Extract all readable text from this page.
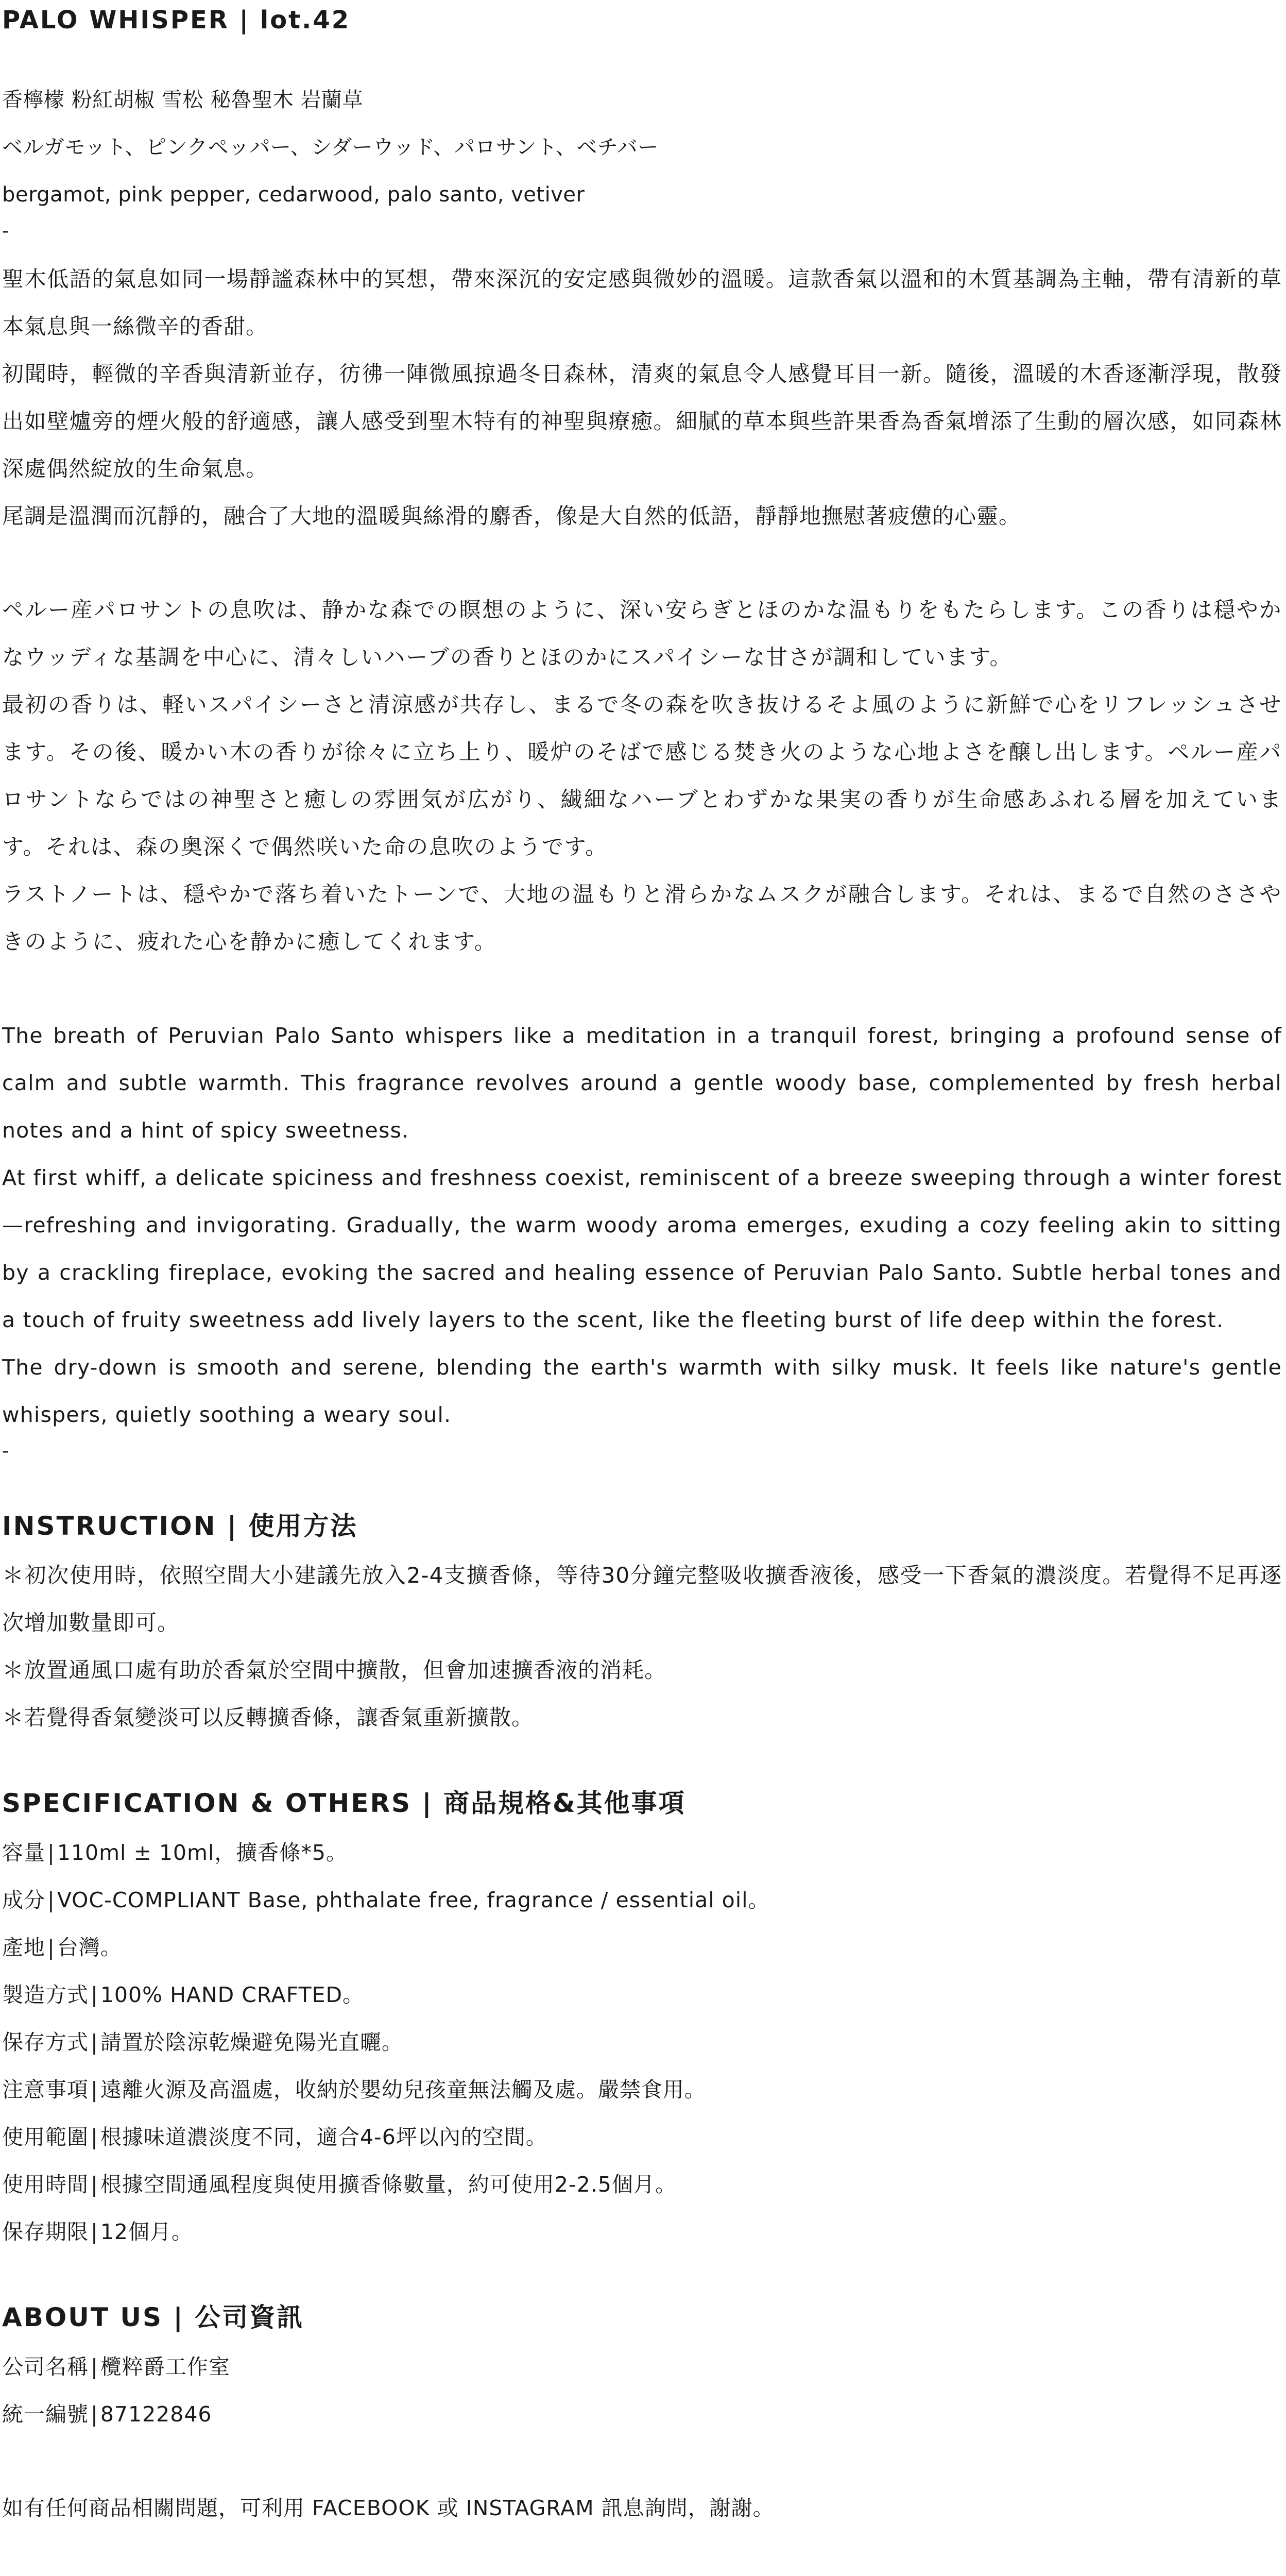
PALO WHISPER | lot.42

香檸檬 粉紅胡椒 雪松 秘魯聖木 岩蘭草

ベルガモット、ピンクペッパー、シダーウッド、パロサント、ベチバー

bergamot, pink pepper, cedarwood, palo santo, vetiver

-

聖木低語的氣息如同一場靜謐森林中的冥想，帶來深沉的安定感與微妙的溫暖。這款香氣以溫和的木質基調為主軸，帶有清新的草本氣息與一絲微辛的香甜。

初聞時，輕微的辛香與清新並存，彷彿一陣微風掠過冬日森林，清爽的氣息令人感覺耳目一新。隨後，溫暖的木香逐漸浮現，散發出如壁爐旁的煙火般的舒適感，讓人感受到聖木特有的神聖與療癒。細膩的草本與些許果香為香氣增添了生動的層次感，如同森林深處偶然綻放的生命氣息。

尾調是溫潤而沉靜的，融合了大地的溫暖與絲滑的麝香，像是大自然的低語，靜靜地撫慰著疲憊的心靈。

ペルー産パロサントの息吹は、静かな森での瞑想のように、深い安らぎとほのかな温もりをもたらします。この香りは穏やかなウッディな基調を中心に、清々しいハーブの香りとほのかにスパイシーな甘さが調和しています。

最初の香りは、軽いスパイシーさと清涼感が共存し、まるで冬の森を吹き抜けるそよ風のように新鮮で心をリフレッシュさせます。その後、暖かい木の香りが徐々に立ち上り、暖炉のそばで感じる焚き火のような心地よさを醸し出します。ペルー産パロサントならではの神聖さと癒しの雰囲気が広がり、繊細なハーブとわずかな果実の香りが生命感あふれる層を加えています。それは、森の奥深くで偶然咲いた命の息吹のようです。

ラストノートは、穏やかで落ち着いたトーンで、大地の温もりと滑らかなムスクが融合します。それは、まるで自然のささやきのように、疲れた心を静かに癒してくれます。

The breath of Peruvian Palo Santo whispers like a meditation in a tranquil forest, bringing a profound sense of calm and subtle warmth. This fragrance revolves around a gentle woody base, complemented by fresh herbal notes and a hint of spicy sweetness.

At first whiff, a delicate spiciness and freshness coexist, reminiscent of a breeze sweeping through a winter forest—refreshing and invigorating. Gradually, the warm woody aroma emerges, exuding a cozy feeling akin to sitting by a crackling fireplace, evoking the sacred and healing essence of Peruvian Palo Santo. Subtle herbal tones and a touch of fruity sweetness add lively layers to the scent, like the fleeting burst of life deep within the forest.

The dry-down is smooth and serene, blending the earth's warmth with silky musk. It feels like nature's gentle whispers, quietly soothing a weary soul.

-

INSTRUCTION | 使用方法

＊初次使用時，依照空間大小建議先放入2-4支擴香條，等待30分鐘完整吸收擴香液後，感受一下香氣的濃淡度。若覺得不足再逐次增加數量即可。

＊放置通風口處有助於香氣於空間中擴散，但會加速擴香液的消耗。

＊若覺得香氣變淡可以反轉擴香條，讓香氣重新擴散。

SPECIFICATION & OTHERS | 商品規格&其他事項

容量|110ml ± 10ml，擴香條*5。

成分|VOC-COMPLIANT Base, phthalate free, fragrance / essential oil。

產地|台灣。

製造方式|100% HAND CRAFTED。

保存方式|請置於陰涼乾燥避免陽光直曬。

注意事項|遠離火源及高溫處，收納於嬰幼兒孩童無法觸及處。嚴禁食用。

使用範圍|根據味道濃淡度不同，適合4-6坪以內的空間。

使用時間|根據空間通風程度與使用擴香條數量，約可使用2-2.5個月。

保存期限|12個月。

ABOUT US | 公司資訊

公司名稱|欖粹爵工作室

統一編號|87122846

如有任何商品相關問題，可利用 FACEBOOK 或 INSTAGRAM 訊息詢問，謝謝。
